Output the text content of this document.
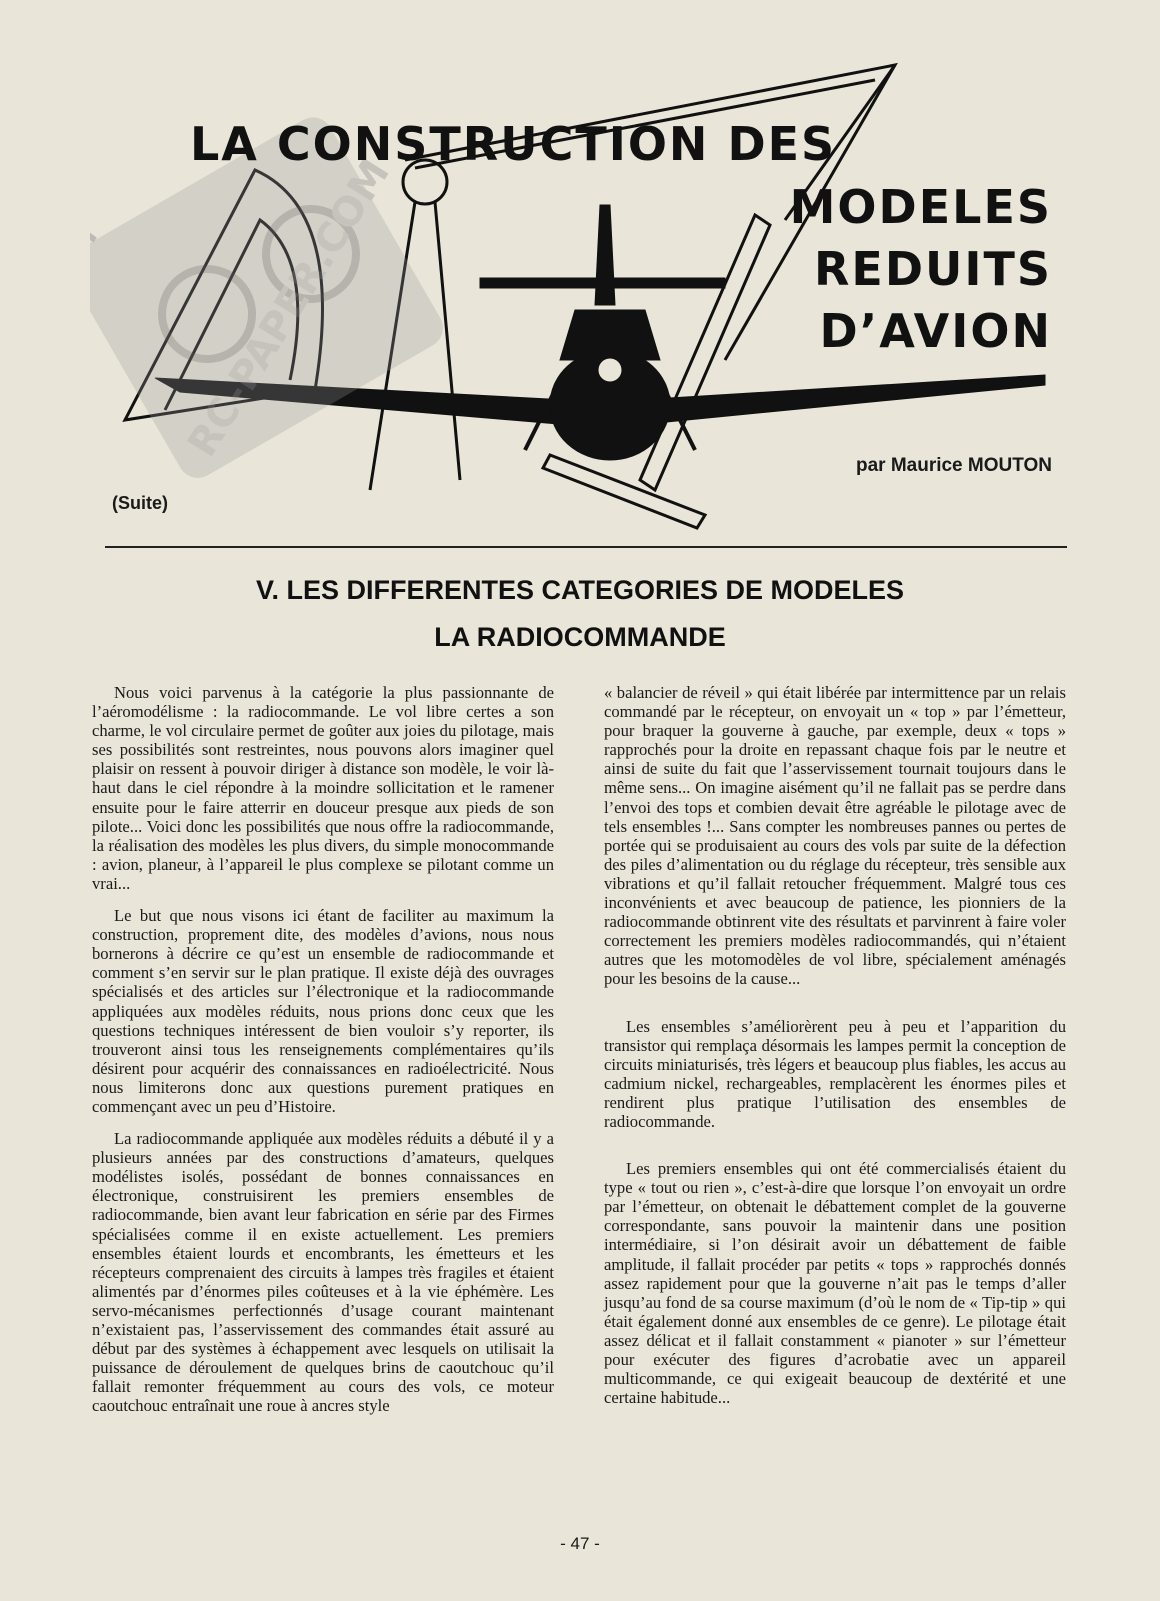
RC-PAPER.COM
LA CONSTRUCTION DES
MODELES
REDUITS
D’AVION
par Maurice MOUTON
(Suite)
V. LES DIFFERENTES CATEGORIES DE MODELES
LA RADIOCOMMANDE

Nous voici parvenus à la catégorie la plus passionnante de l’aéromodélisme : la radiocommande. Le vol libre certes a son charme, le vol circulaire permet de goûter aux joies du pilotage, mais ses possibilités sont restreintes, nous pouvons alors imaginer quel plaisir on ressent à pouvoir diriger à distance son modèle, le voir là-haut dans le ciel répondre à la moindre sollicitation et le ramener ensuite pour le faire atterrir en douceur presque aux pieds de son pilote... Voici donc les possibilités que nous offre la radiocommande, la réalisation des modèles les plus divers, du simple monocommande : avion, planeur, à l’appareil le plus complexe se pilotant comme un vrai...

Le but que nous visons ici étant de faciliter au maximum la construction, proprement dite, des modèles d’avions, nous nous bornerons à décrire ce qu’est un ensemble de radiocommande et comment s’en servir sur le plan pratique. Il existe déjà des ouvrages spécialisés et des articles sur l’électronique et la radiocommande appliquées aux modèles réduits, nous prions donc ceux que les questions techniques intéressent de bien vouloir s’y reporter, ils trouveront ainsi tous les renseignements complémentaires qu’ils désirent pour acquérir des connaissances en radioélectricité. Nous nous limiterons donc aux questions purement pratiques en commençant avec un peu d’Histoire.

La radiocommande appliquée aux modèles réduits a débuté il y a plusieurs années par des constructions d’amateurs, quelques modélistes isolés, possédant de bonnes connaissances en électronique, construisirent les premiers ensembles de radiocommande, bien avant leur fabrication en série par des Firmes spécialisées comme il en existe actuellement. Les premiers ensembles étaient lourds et encombrants, les émetteurs et les récepteurs comprenaient des circuits à lampes très fragiles et étaient alimentés par d’énormes piles coûteuses et à la vie éphémère. Les servo-mécanismes perfectionnés d’usage courant maintenant n’existaient pas, l’asservissement des commandes était assuré au début par des systèmes à échappement avec lesquels on utilisait la puissance de déroulement de quelques brins de caoutchouc qu’il fallait remonter fréquemment au cours des vols, ce moteur caoutchouc entraînait une roue à ancres style

« balancier de réveil » qui était libérée par intermittence par un relais commandé par le récepteur, on envoyait un « top » par l’émetteur, pour braquer la gouverne à gauche, par exemple, deux « tops » rapprochés pour la droite en repassant chaque fois par le neutre et ainsi de suite du fait que l’asservissement tournait toujours dans le même sens... On imagine aisément qu’il ne fallait pas se perdre dans l’envoi des tops et combien devait être agréable le pilotage avec de tels ensembles !... Sans compter les nombreuses pannes ou pertes de portée qui se produisaient au cours des vols par suite de la défection des piles d’alimentation ou du réglage du récepteur, très sensible aux vibrations et qu’il fallait retoucher fréquemment. Malgré tous ces inconvénients et avec beaucoup de patience, les pionniers de la radiocommande obtinrent vite des résultats et parvinrent à faire voler correctement les premiers modèles radiocommandés, qui n’étaient autres que les motomodèles de vol libre, spécialement aménagés pour les besoins de la cause...

Les ensembles s’améliorèrent peu à peu et l’apparition du transistor qui remplaça désormais les lampes permit la conception de circuits miniaturisés, très légers et beaucoup plus fiables, les accus au cadmium nickel, rechargeables, remplacèrent les énormes piles et rendirent plus pratique l’utilisation des ensembles de radiocommande.

Les premiers ensembles qui ont été commercialisés étaient du type « tout ou rien », c’est-à-dire que lorsque l’on envoyait un ordre par l’émetteur, on obtenait le débattement complet de la gouverne correspondante, sans pouvoir la maintenir dans une position intermédiaire, si l’on désirait avoir un débattement de faible amplitude, il fallait procéder par petits « tops » rapprochés donnés assez rapidement pour que la gouverne n’ait pas le temps d’aller jusqu’au fond de sa course maximum (d’où le nom de « Tip-tip » qui était également donné aux ensembles de ce genre). Le pilotage était assez délicat et il fallait constamment « pianoter » sur l’émetteur pour exécuter des figures d’acrobatie avec un appareil multicommande, ce qui exigeait beaucoup de dextérité et une certaine habitude...

- 47 -
